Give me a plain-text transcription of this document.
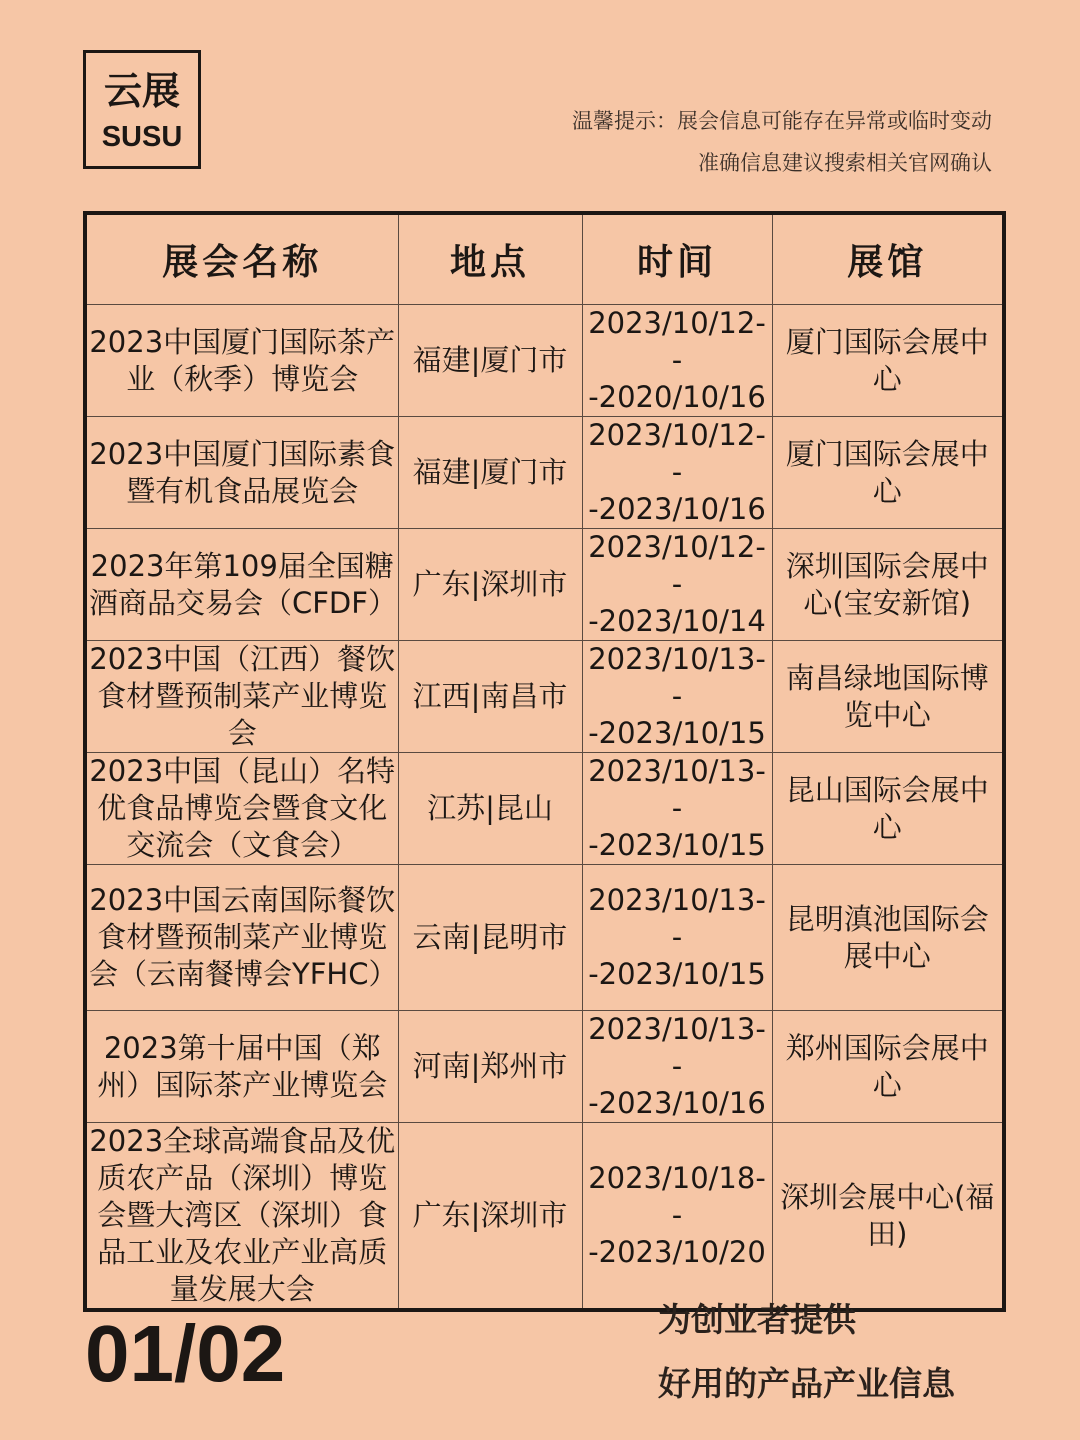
云展
SUSU	温馨提示：展会信息可能存在异常或临时变动
准确信息建议搜索相关官网确认
展会名称	地点	时间	展馆
2023中国厦门国际茶产业（秋季）博览会	福建|厦门市	2023/10/12---2020/10/16	厦门国际会展中心
2023中国厦门国际素食暨有机食品展览会	福建|厦门市	2023/10/12---2023/10/16	厦门国际会展中心
2023年第109届全国糖酒商品交易会（CFDF）	广东|深圳市	2023/10/12---2023/10/14	深圳国际会展中心(宝安新馆)
2023中国（江西）餐饮食材暨预制菜产业博览会	江西|南昌市	2023/10/13---2023/10/15	南昌绿地国际博览中心
2023中国（昆山）名特优食品博览会暨食文化交流会（文食会）	江苏|昆山	2023/10/13---2023/10/15	昆山国际会展中心
2023中国云南国际餐饮食材暨预制菜产业博览会（云南餐博会YFHC）	云南|昆明市	2023/10/13---2023/10/15	昆明滇池国际会展中心
2023第十届中国（郑州）国际茶产业博览会	河南|郑州市	2023/10/13---2023/10/16	郑州国际会展中心
2023全球高端食品及优质农产品（深圳）博览会暨大湾区（深圳）食品工业及农业产业高质量发展大会	广东|深圳市	2023/10/18---2023/10/20	深圳会展中心(福田)
01/02	为创业者提供
好用的产品产业信息
